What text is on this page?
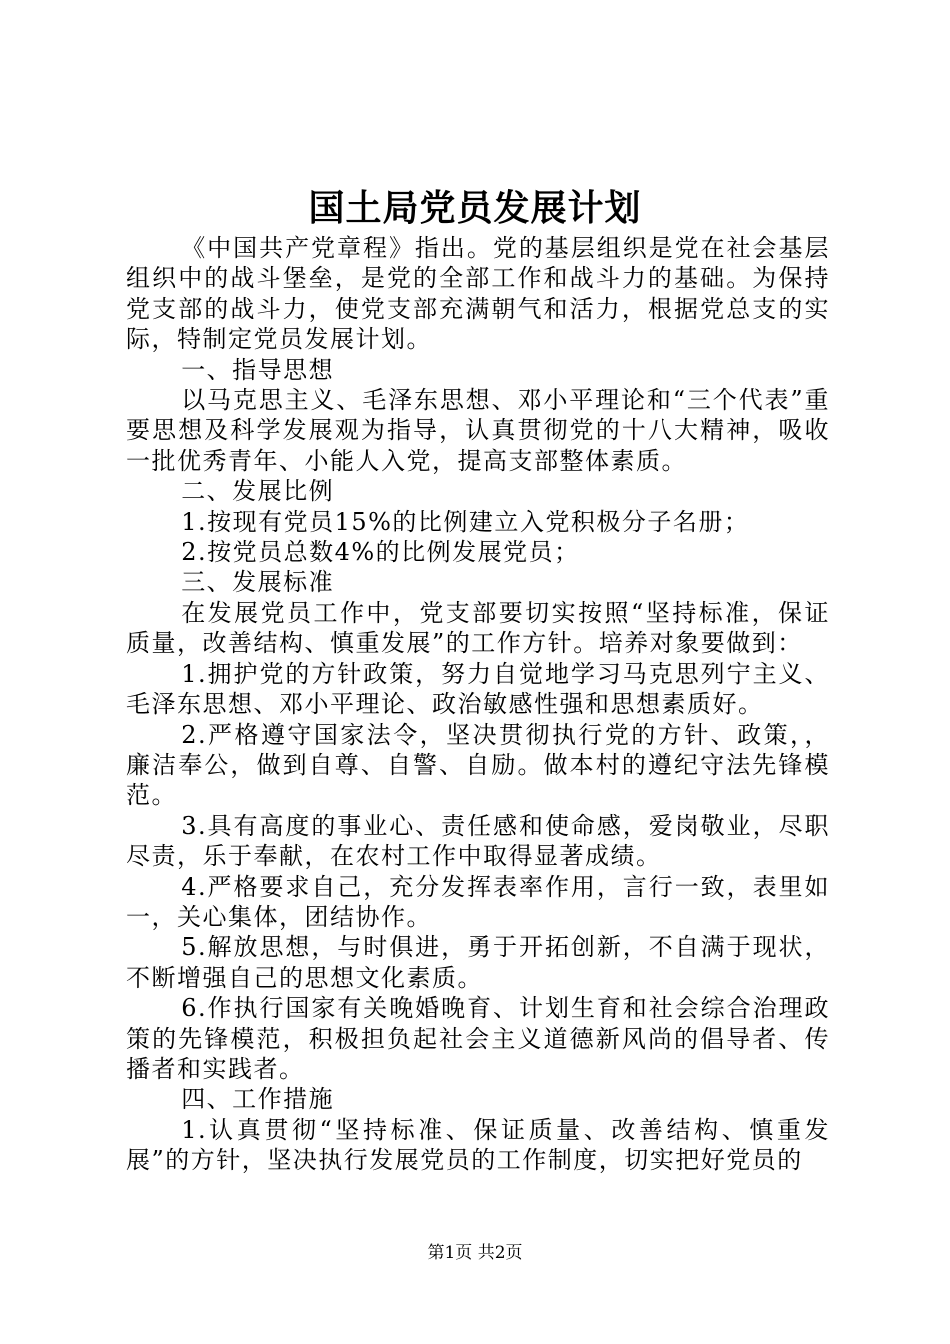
国土局党员发展计划

《中国共产党章程》指出。党的基层组织是党在社会基层组织中的战斗堡垒，是党的全部工作和战斗力的基础。为保持党支部的战斗力，使党支部充满朝气和活力，根据党总支的实际，特制定党员发展计划。

一、指导思想

以马克思主义、毛泽东思想、邓小平理论和“三个代表”重要思想及科学发展观为指导，认真贯彻党的十八大精神，吸收一批优秀青年、小能人入党，提高支部整体素质。

二、发展比例

1.按现有党员15%的比例建立入党积极分子名册；

2.按党员总数4%的比例发展党员；

三、发展标准

在发展党员工作中，党支部要切实按照“坚持标准，保证质量，改善结构、慎重发展”的工作方针。培养对象要做到：

1.拥护党的方针政策，努力自觉地学习马克思列宁主义、毛泽东思想、邓小平理论、政治敏感性强和思想素质好。

2.严格遵守国家法令，坚决贯彻执行党的方针、政策，，廉洁奉公，做到自尊、自警、自励。做本村的遵纪守法先锋模范。

3.具有高度的事业心、责任感和使命感，爱岗敬业，尽职尽责，乐于奉献，在农村工作中取得显著成绩。

4.严格要求自己，充分发挥表率作用，言行一致，表里如一，关心集体，团结协作。

5.解放思想，与时俱进，勇于开拓创新，不自满于现状，不断增强自己的思想文化素质。

6.作执行国家有关晚婚晚育、计划生育和社会综合治理政策的先锋模范，积极担负起社会主义道德新风尚的倡导者、传播者和实践者。

四、工作措施

1.认真贯彻“坚持标准、保证质量、改善结构、慎重发展”的方针，坚决执行发展党员的工作制度，切实把好党员的

第1页 共2页
